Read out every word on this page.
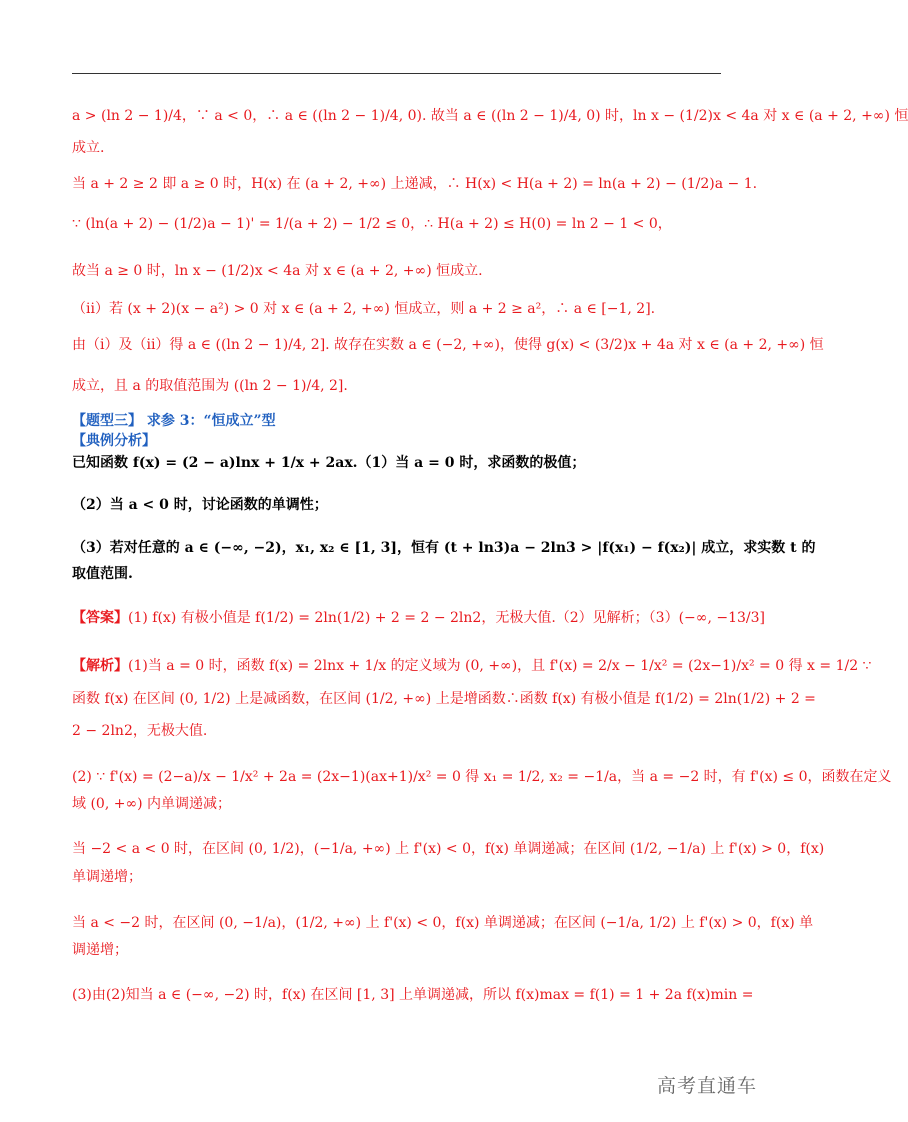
a > (ln 2 − 1)/4，∵ a < 0，∴ a ∈ ((ln 2 − 1)/4, 0). 故当 a ∈ ((ln 2 − 1)/4, 0) 时，ln x − (1/2)x < 4a 对 x ∈ (a + 2, +∞) 恒
成立.
当 a + 2 ≥ 2 即 a ≥ 0 时，H(x) 在 (a + 2, +∞) 上递减，∴ H(x) < H(a + 2) = ln(a + 2) − (1/2)a − 1.
∵ (ln(a + 2) − (1/2)a − 1)' = 1/(a + 2) − 1/2 ≤ 0，∴ H(a + 2) ≤ H(0) = ln 2 − 1 < 0，
故当 a ≥ 0 时，ln x − (1/2)x < 4a 对 x ∈ (a + 2, +∞) 恒成立.
（ii）若 (x + 2)(x − a²) > 0 对 x ∈ (a + 2, +∞) 恒成立，则 a + 2 ≥ a²，∴ a ∈ [−1, 2].
由（i）及（ii）得 a ∈ ((ln 2 − 1)/4, 2]. 故存在实数 a ∈ (−2, +∞)，使得 g(x) < (3/2)x + 4a 对 x ∈ (a + 2, +∞) 恒
成立，且 a 的取值范围为 ((ln 2 − 1)/4, 2].
【题型三】 求参 3：“恒成立”型
【典例分析】
已知函数 f(x) = (2 − a)lnx + 1/x + 2ax.（1）当 a = 0 时，求函数的极值；
（2）当 a < 0 时，讨论函数的单调性；
（3）若对任意的 a ∈ (−∞, −2)，x₁, x₂ ∈ [1, 3]，恒有 (t + ln3)a − 2ln3 > |f(x₁) − f(x₂)| 成立，求实数 t 的
取值范围.
【答案】(1) f(x) 有极小值是 f(1/2) = 2ln(1/2) + 2 = 2 − 2ln2，无极大值.（2）见解析；（3）(−∞, −13/3]
【解析】(1)当 a = 0 时，函数 f(x) = 2lnx + 1/x 的定义域为 (0, +∞)，且 f'(x) = 2/x − 1/x² = (2x−1)/x² = 0 得 x = 1/2 ∵
函数 f(x) 在区间 (0, 1/2) 上是减函数，在区间 (1/2, +∞) 上是增函数∴函数 f(x) 有极小值是 f(1/2) = 2ln(1/2) + 2 =
2 − 2ln2，无极大值.
(2) ∵ f'(x) = (2−a)/x − 1/x² + 2a = (2x−1)(ax+1)/x² = 0 得 x₁ = 1/2, x₂ = −1/a，当 a = −2 时，有 f'(x) ≤ 0，函数在定义
域 (0, +∞) 内单调递减；
当 −2 < a < 0 时，在区间 (0, 1/2)，(−1/a, +∞) 上 f'(x) < 0，f(x) 单调递减；在区间 (1/2, −1/a) 上 f'(x) > 0，f(x)
单调递增；
当 a < −2 时，在区间 (0, −1/a)，(1/2, +∞) 上 f'(x) < 0，f(x) 单调递减；在区间 (−1/a, 1/2) 上 f'(x) > 0，f(x) 单
调递增；
(3)由(2)知当 a ∈ (−∞, −2) 时，f(x) 在区间 [1, 3] 上单调递减，所以 f(x)max = f(1) = 1 + 2a f(x)min =
高考直通车
